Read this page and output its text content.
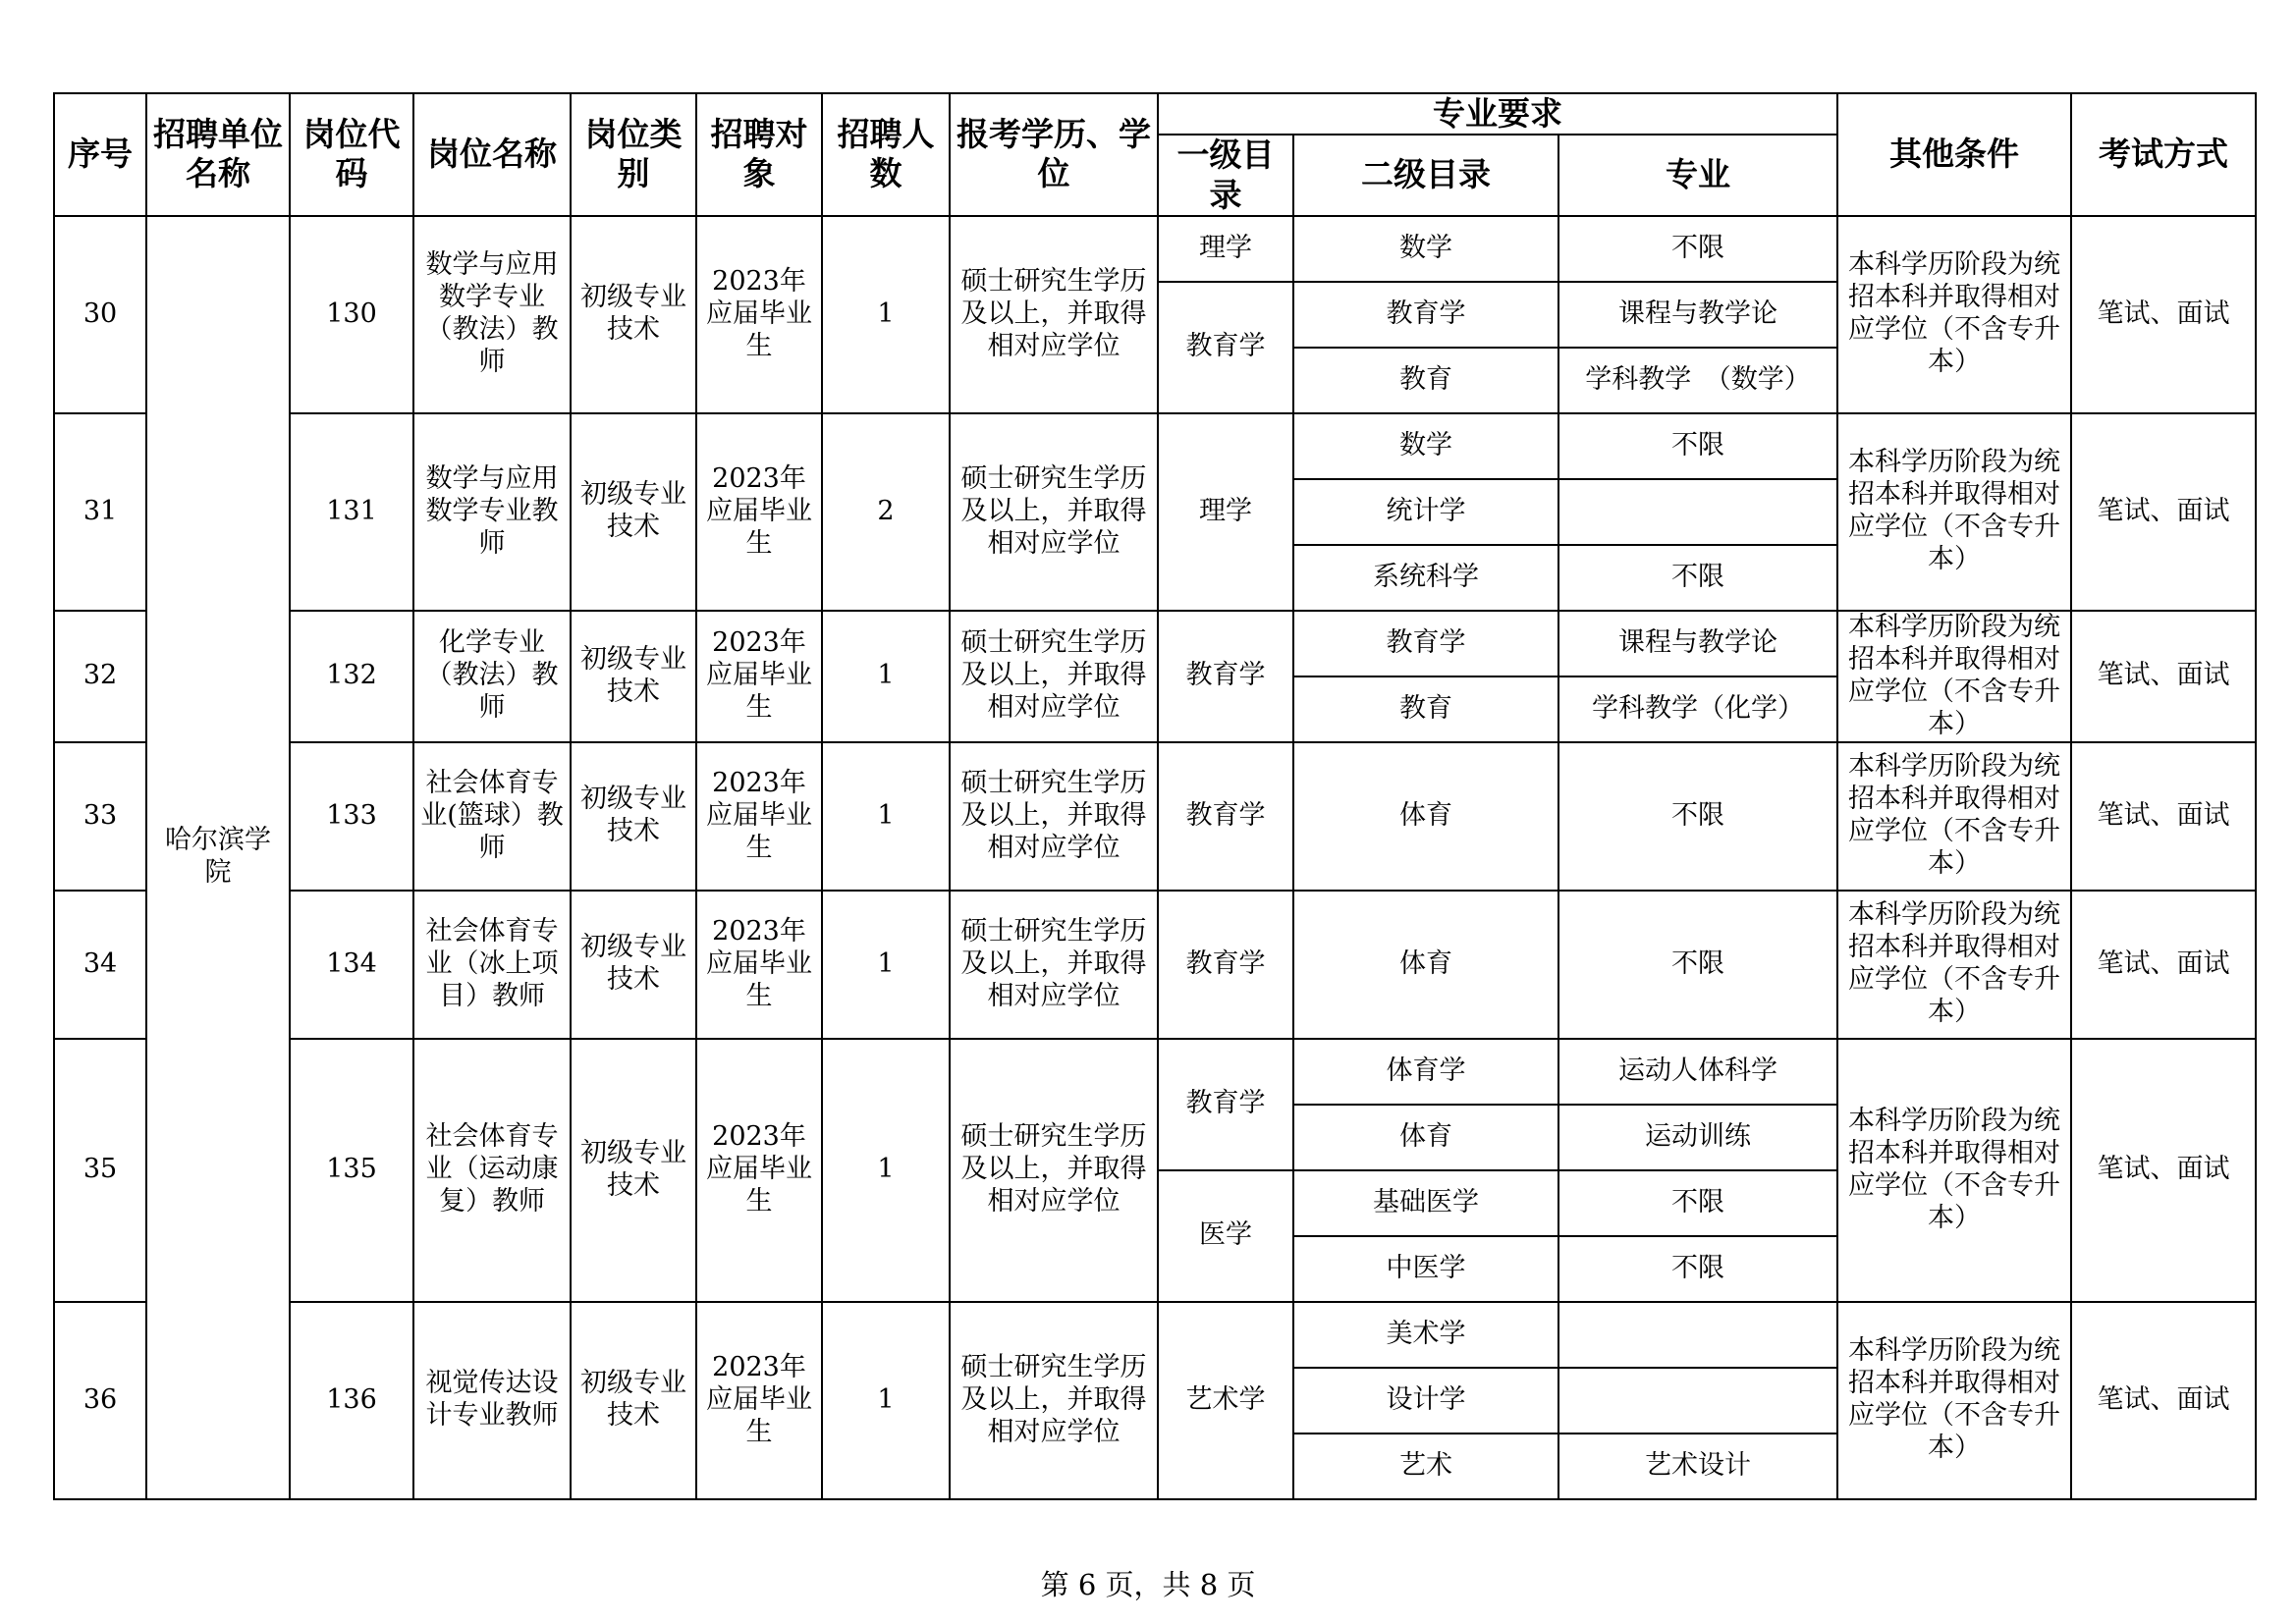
序号	招聘单位名称	岗位代码	岗位名称	岗位类别	招聘对象	招聘人数	报考学历、学位	专业要求			其他条件	考试方式
								一级目录	二级目录	专业		
30	哈尔滨学院	130	数学与应用数学专业（教法）教师	初级专业技术	2023年应届毕业生	1	硕士研究生学历及以上，并取得相对应学位	理学	数学	不限	本科学历阶段为统招本科并取得相对应学位（不含专升本）	笔试、面试
								教育学	教育学	课程与教学论		
									教育	学科教学　（数学）		
31		131	数学与应用数学专业教师	初级专业技术	2023年应届毕业生	2	硕士研究生学历及以上，并取得相对应学位	理学	数学	不限	本科学历阶段为统招本科并取得相对应学位（不含专升本）	笔试、面试
									统计学			
									系统科学	不限		
32		132	化学专业（教法）教师	初级专业技术	2023年应届毕业生	1	硕士研究生学历及以上，并取得相对应学位	教育学	教育学	课程与教学论	本科学历阶段为统招本科并取得相对应学位（不含专升本）	笔试、面试
									教育	学科教学（化学）		
33		133	社会体育专业(篮球）教师	初级专业技术	2023年应届毕业生	1	硕士研究生学历及以上，并取得相对应学位	教育学	体育	不限	本科学历阶段为统招本科并取得相对应学位（不含专升本）	笔试、面试
34		134	社会体育专业（冰上项目）教师	初级专业技术	2023年应届毕业生	1	硕士研究生学历及以上，并取得相对应学位	教育学	体育	不限	本科学历阶段为统招本科并取得相对应学位（不含专升本）	笔试、面试
35		135	社会体育专业（运动康复）教师	初级专业技术	2023年应届毕业生	1	硕士研究生学历及以上，并取得相对应学位	教育学	体育学	运动人体科学	本科学历阶段为统招本科并取得相对应学位（不含专升本）	笔试、面试
									体育	运动训练		
								医学	基础医学	不限		
									中医学	不限		
36		136	视觉传达设计专业教师	初级专业技术	2023年应届毕业生	1	硕士研究生学历及以上，并取得相对应学位	艺术学	美术学		本科学历阶段为统招本科并取得相对应学位（不含专升本）	笔试、面试
									设计学			
									艺术	艺术设计		
第 6 页，共 8 页
